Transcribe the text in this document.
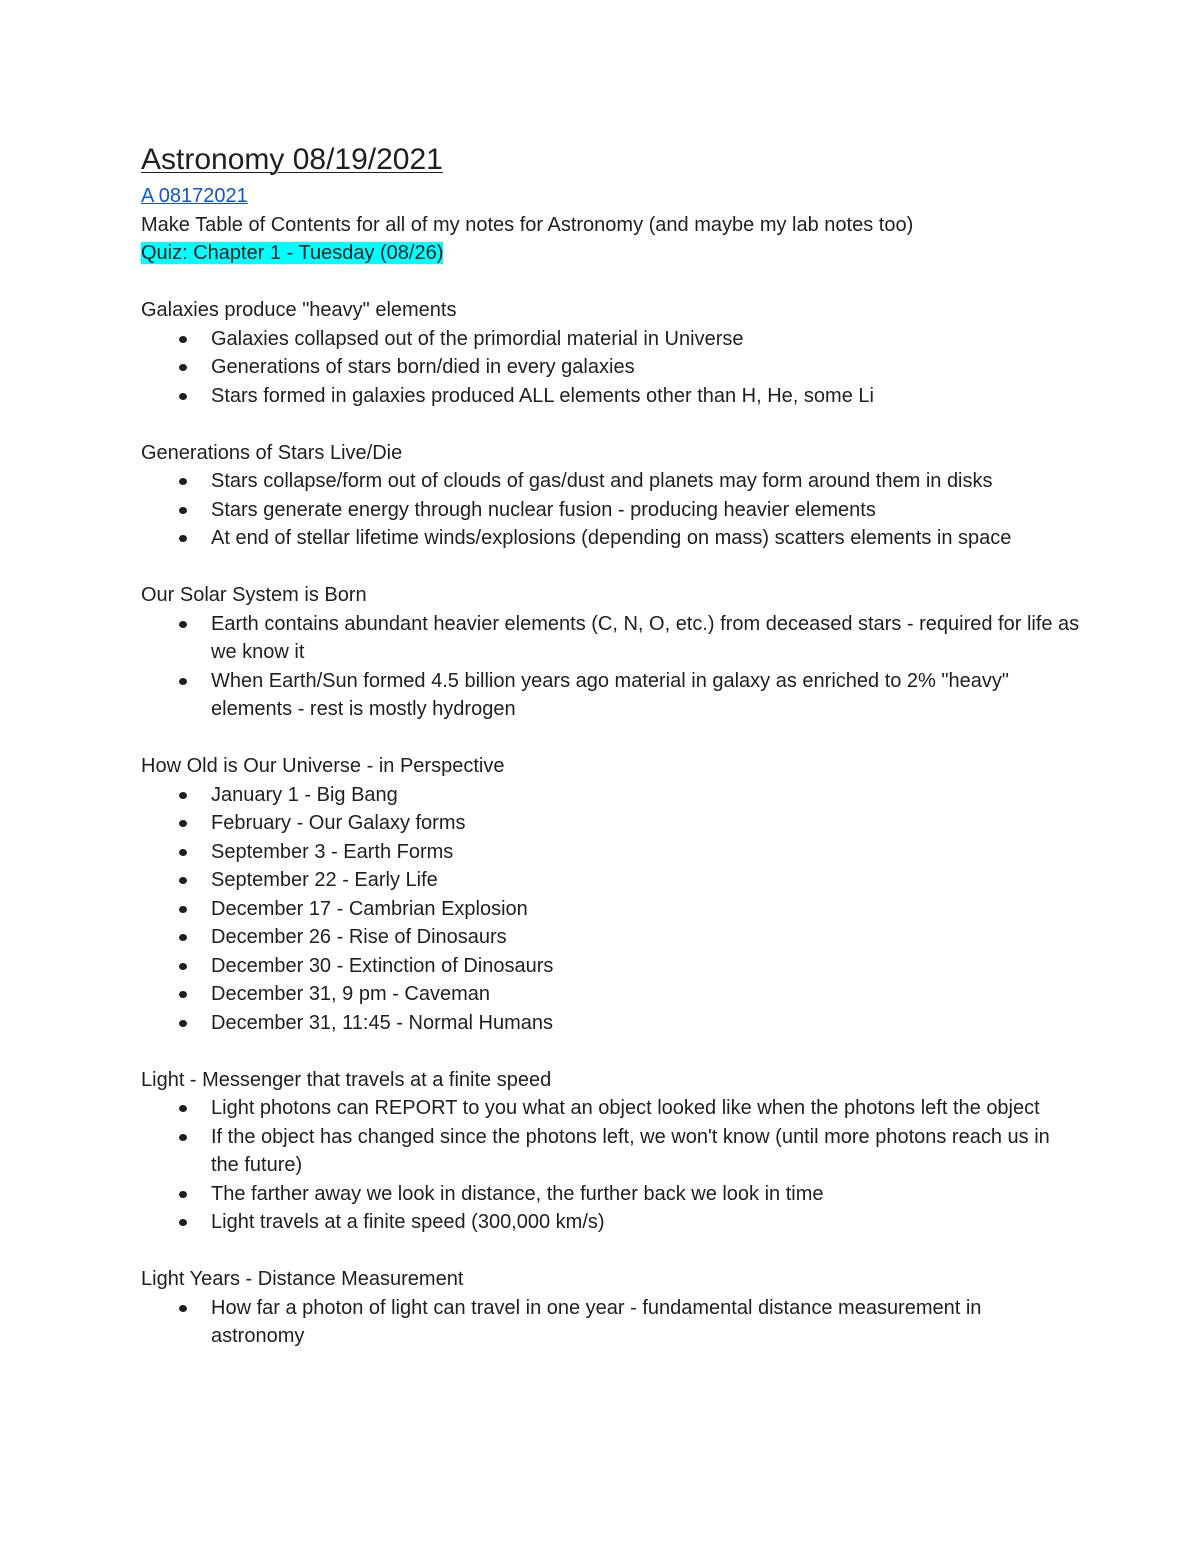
Astronomy 08/19/2021

A 08172021

Make Table of Contents for all of my notes for Astronomy (and maybe my lab notes too)

Quiz: Chapter 1 - Tuesday (08/26)

Galaxies produce "heavy" elements

Galaxies collapsed out of the primordial material in Universe
Generations of stars born/died in every galaxies
Stars formed in galaxies produced ALL elements other than H, He, some Li

Generations of Stars Live/Die

Stars collapse/form out of clouds of gas/dust and planets may form around them in disks
Stars generate energy through nuclear fusion - producing heavier elements
At end of stellar lifetime winds/explosions (depending on mass) scatters elements in space

Our Solar System is Born

Earth contains abundant heavier elements (C, N, O, etc.) from deceased stars - required for life as we know it
When Earth/Sun formed 4.5 billion years ago material in galaxy as enriched to 2% "heavy" elements - rest is mostly hydrogen

How Old is Our Universe - in Perspective

January 1 - Big Bang
February - Our Galaxy forms
September 3 - Earth Forms
September 22 - Early Life
December 17 - Cambrian Explosion
December 26 - Rise of Dinosaurs
December 30 - Extinction of Dinosaurs
December 31, 9 pm - Caveman
December 31, 11:45 - Normal Humans

Light - Messenger that travels at a finite speed

Light photons can REPORT to you what an object looked like when the photons left the object
If the object has changed since the photons left, we won't know (until more photons reach us in the future)
The farther away we look in distance, the further back we look in time
Light travels at a finite speed (300,000 km/s)

Light Years - Distance Measurement

How far a photon of light can travel in one year - fundamental distance measurement in astronomy
